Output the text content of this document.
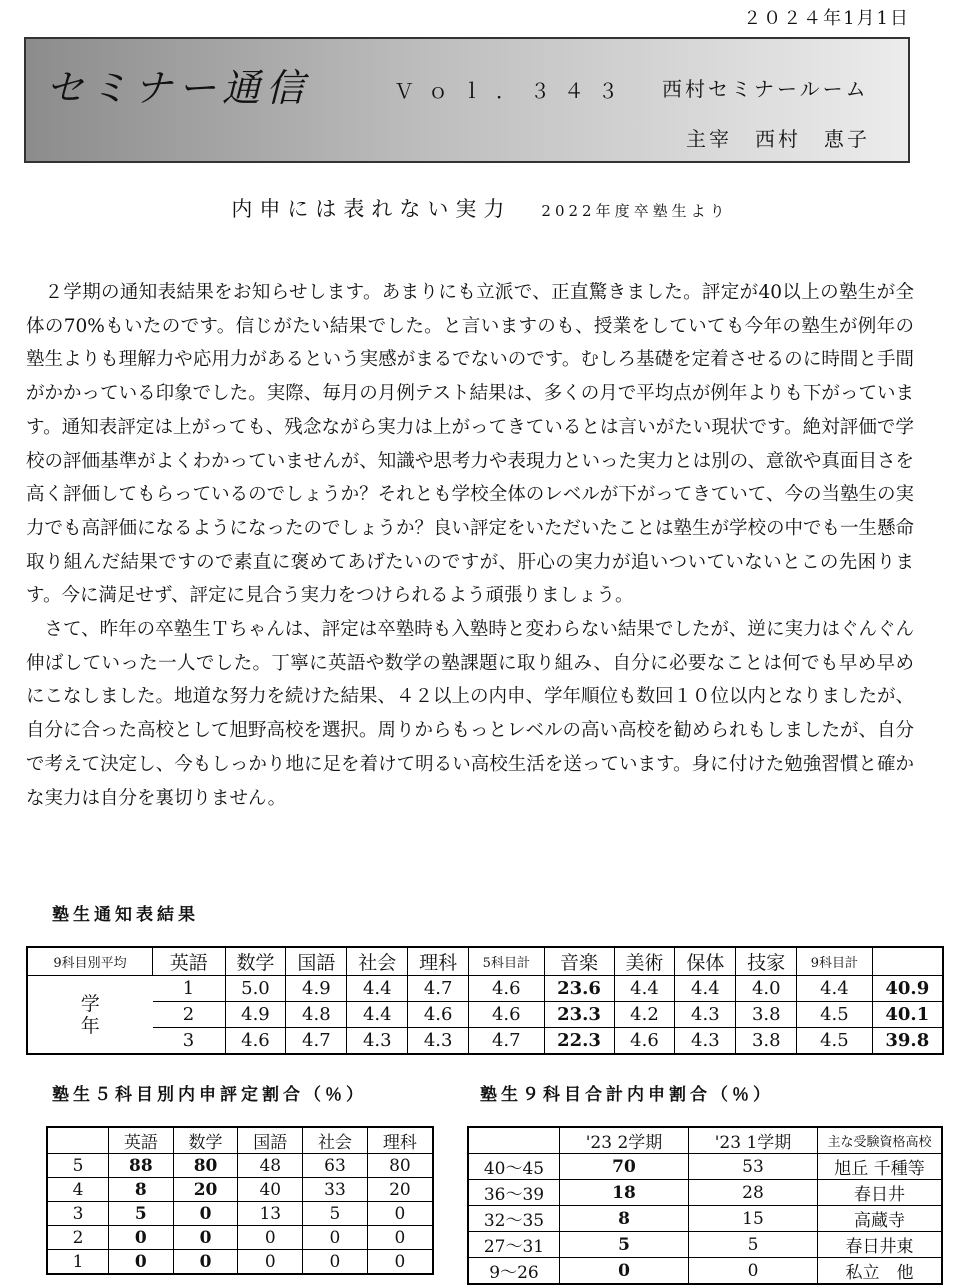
２０２４年1月1日
セミナー通信	Ｖｏｌ．３４３ 西村セミナールーム
主宰　西村　恵子
内申には表れない実力 2022年度卒塾生より

２学期の通知表結果をお知らせします。あまりにも立派で、正直驚きました。評定が40以上の塾生が全体の70%もいたのです。信じがたい結果でした。と言いますのも、授業をしていても今年の塾生が例年の塾生よりも理解力や応用力があるという実感がまるでないのです。むしろ基礎を定着させるのに時間と手間がかかっている印象でした。実際、毎月の月例テスト結果は、多くの月で平均点が例年よりも下がっています。通知表評定は上がっても、残念ながら実力は上がってきているとは言いがたい現状です。絶対評価で学校の評価基準がよくわかっていませんが、知識や思考力や表現力といった実力とは別の、意欲や真面目さを高く評価してもらっているのでしょうか？それとも学校全体のレベルが下がってきていて、今の当塾生の実力でも高評価になるようになったのでしょうか？良い評定をいただいたことは塾生が学校の中でも一生懸命取り組んだ結果ですので素直に褒めてあげたいのですが、肝心の実力が追いついていないとこの先困ります。今に満足せず、評定に見合う実力をつけられるよう頑張りましょう。

さて、昨年の卒塾生Ｔちゃんは、評定は卒塾時も入塾時と変わらない結果でしたが、逆に実力はぐんぐん伸ばしていった一人でした。丁寧に英語や数学の塾課題に取り組み、自分に必要なことは何でも早め早めにこなしました。地道な努力を続けた結果、４２以上の内申、学年順位も数回１０位以内となりましたが、自分に合った高校として旭野高校を選択。周りからもっとレベルの高い高校を勧められもしましたが、自分で考えて決定し、今もしっかり地に足を着けて明るい高校生活を送っています。身に付けた勉強習慣と確かな実力は自分を裏切りません。

塾生通知表結果
9科目別平均	英語	数学	国語	社会	理科	5科目計	音楽	美術	保体	技家	9科目計	
学年	1	5.0	4.9	4.4	4.7	4.6	23.6	4.4	4.4	4.0	4.4	40.9
	2	4.9	4.8	4.4	4.6	4.6	23.3	4.2	4.3	3.8	4.5	40.1
	3	4.6	4.7	4.3	4.3	4.7	22.3	4.6	4.3	3.8	4.5	39.8
塾生５科目別内申評定割合（％）	塾生９科目合計内申割合（％）
	英語	数学	国語	社会	理科
5	88	80	48	63	80
4	8	20	40	33	20
3	5	0	13	5	0
2	0	0	0	0	0
1	0	0	0	0	0
	'23 2学期	'23 1学期	主な受験資格高校
40〜45	70	53	旭丘 千種等
36〜39	18	28	春日井
32〜35	8	15	高蔵寺
27〜31	5	5	春日井東
9〜26	0	0	私立　他
